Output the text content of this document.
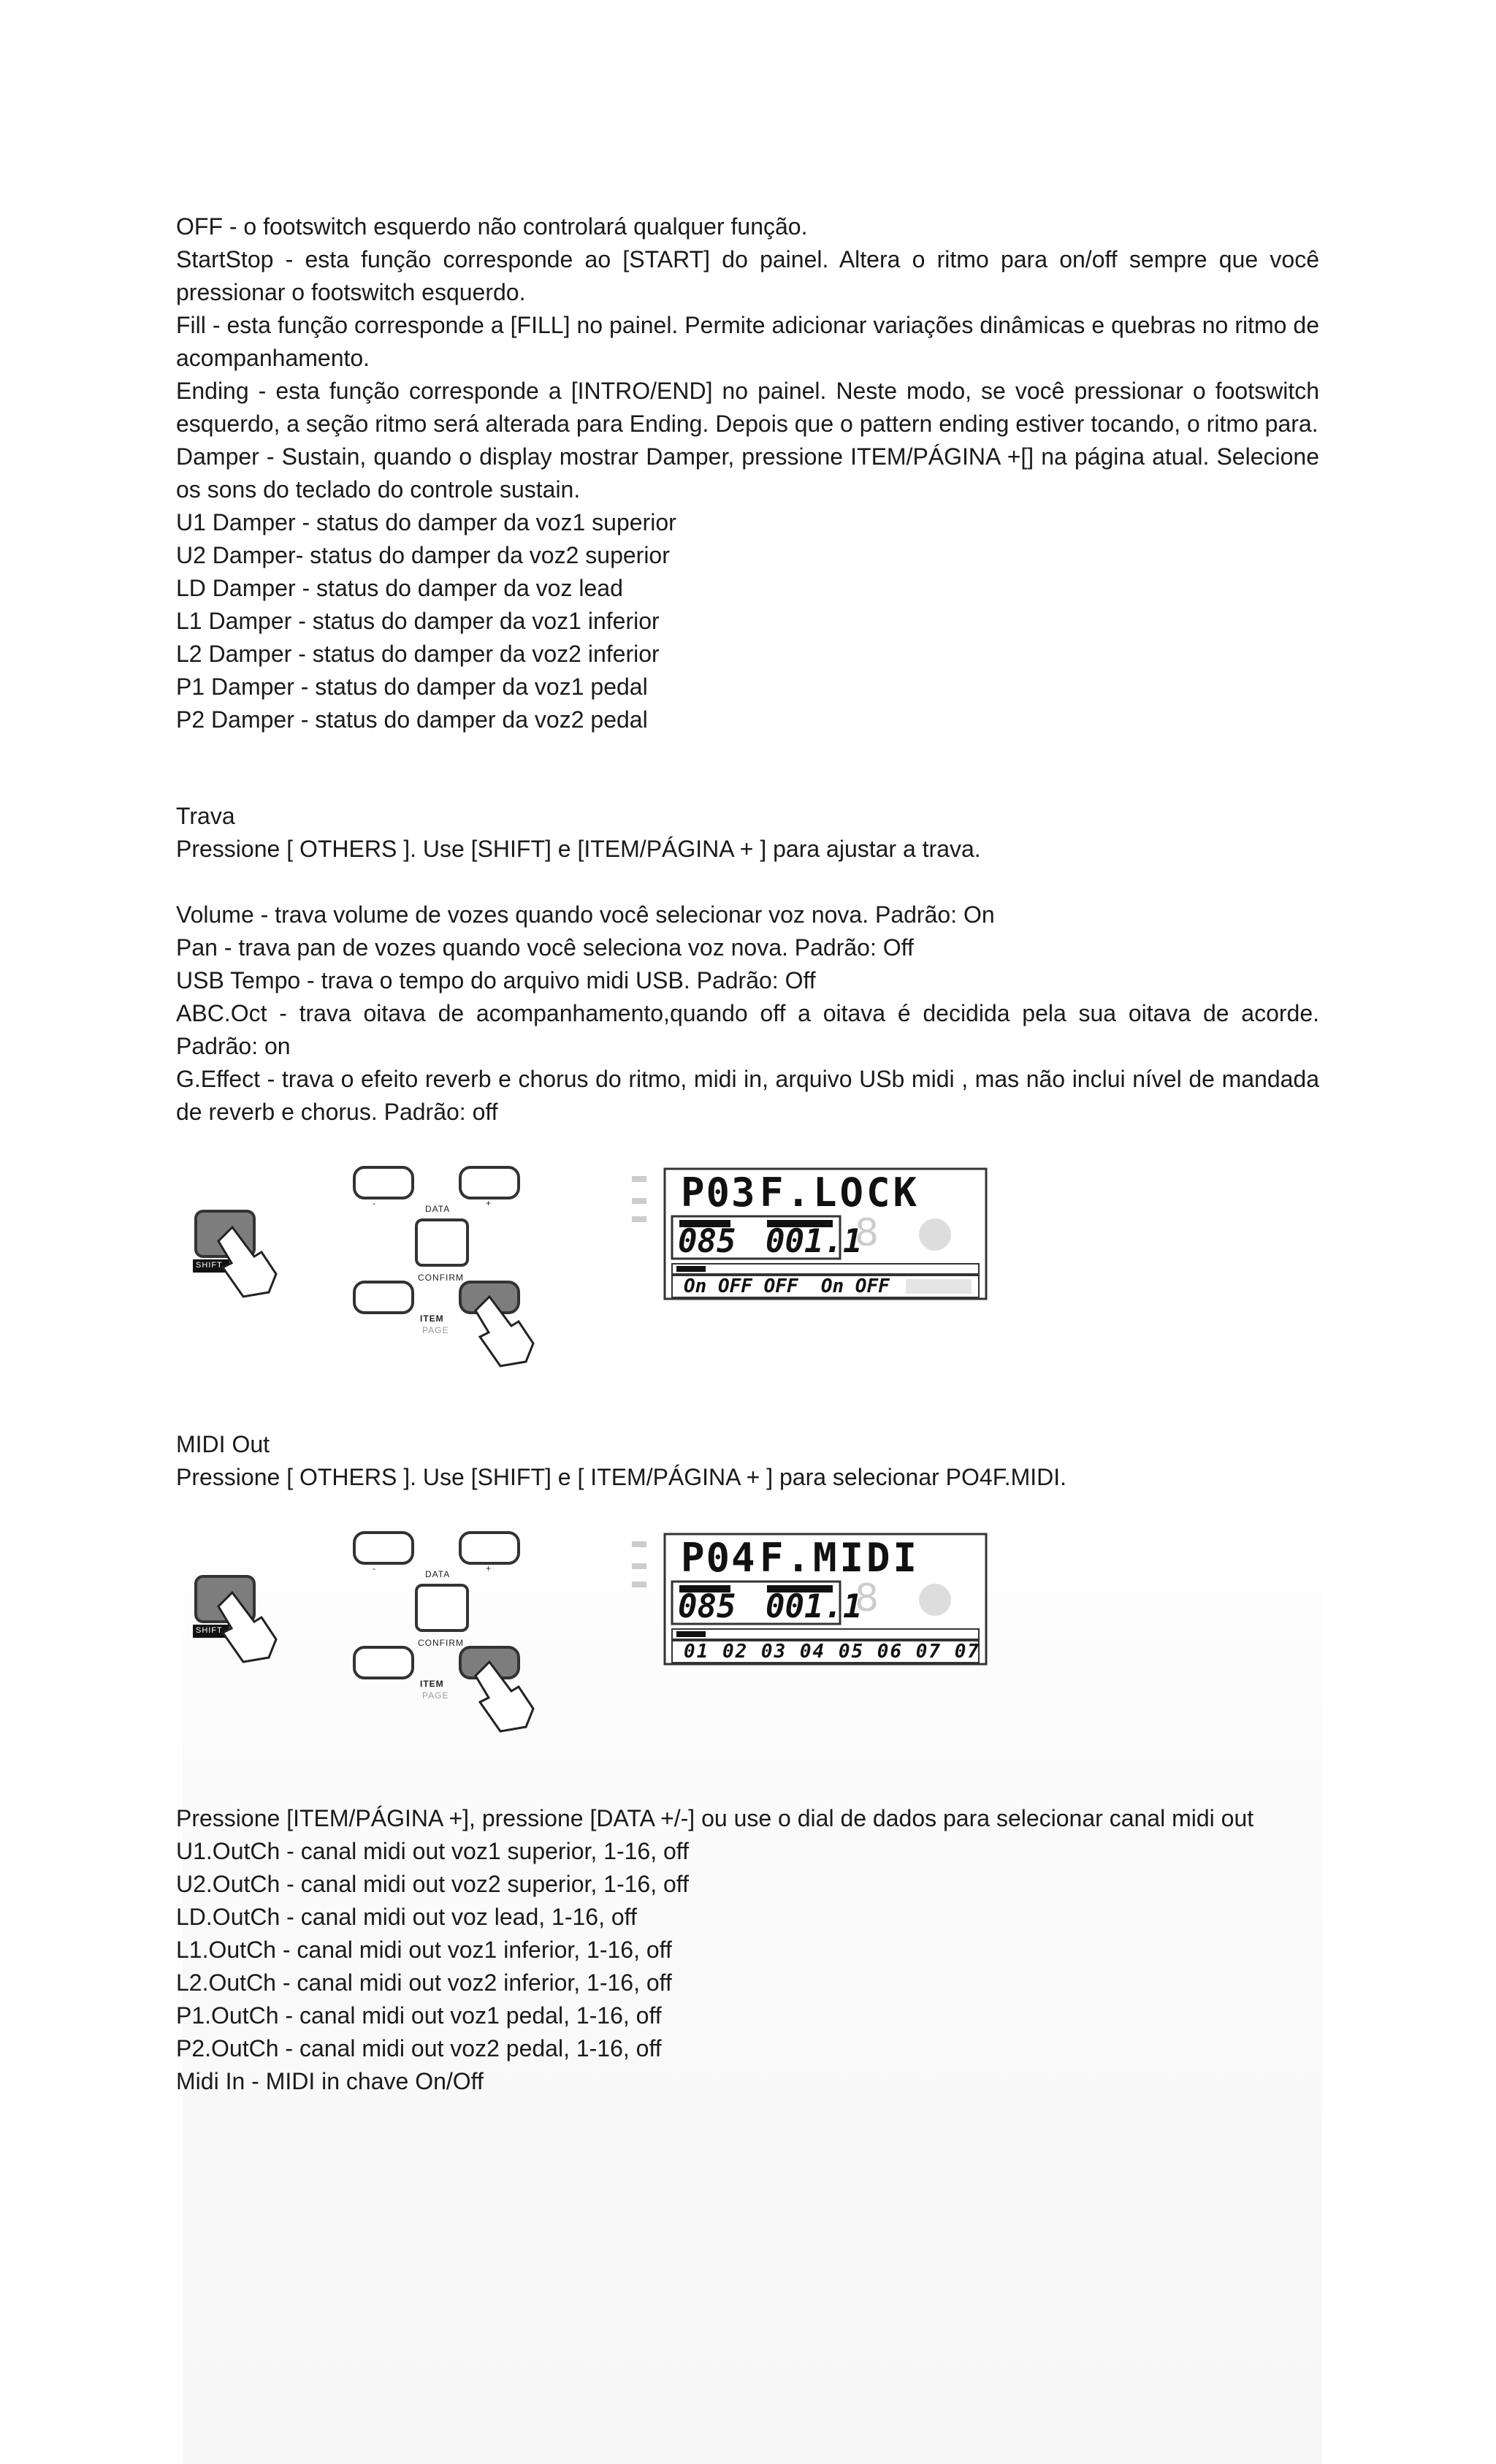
OFF - o footswitch esquerdo não controlará qualquer função.

StartStop - esta função corresponde ao [START] do painel. Altera o ritmo para on/off sempre que você pressionar o footswitch esquerdo.

Fill - esta função corresponde a [FILL] no painel. Permite adicionar variações dinâmicas e quebras no ritmo de acompanhamento.

Ending - esta função corresponde a [INTRO/END] no painel. Neste modo, se você pressionar o footswitch esquerdo, a seção ritmo será alterada para Ending. Depois que o pattern ending estiver tocando, o ritmo para.

Damper - Sustain, quando o display mostrar Damper, pressione ITEM/PÁGINA +[] na página atual. Selecione os sons do teclado do controle sustain.

U1 Damper - status do damper da voz1 superior

U2 Damper- status do damper da voz2 superior

LD Damper - status do damper da voz lead

L1 Damper - status do damper da voz1 inferior

L2 Damper - status do damper da voz2 inferior

P1 Damper - status do damper da voz1 pedal

P2 Damper - status do damper da voz2 pedal

Trava

Pressione [ OTHERS ]. Use [SHIFT] e [ITEM/PÁGINA + ] para ajustar a trava.

Volume - trava volume de vozes quando você selecionar voz nova. Padrão: On

Pan - trava pan de vozes quando você seleciona voz nova. Padrão: Off

USB Tempo - trava o tempo do arquivo midi USB. Padrão: Off

ABC.Oct - trava oitava de acompanhamento,quando off a oitava é decidida pela sua oitava de acorde. Padrão: on

G.Effect - trava o efeito reverb e chorus do ritmo, midi in, arquivo USb midi , mas não inclui nível de mandada de reverb e chorus. Padrão: off

8
DATA
CONFIRM
ITEM
PAGE
-	+
SHIFT
P03 F.LOCK
085 001.1
On OFF OFF  On OFF

MIDI Out

Pressione [ OTHERS ]. Use [SHIFT] e [ ITEM/PÁGINA + ] para selecionar PO4F.MIDI.

8
DATA
CONFIRM
ITEM
PAGE
-	+
SHIFT
P04 F.MIDI
085 001.1
01 02 03 04 05 06 07 07

Pressione [ITEM/PÁGINA +], pressione [DATA +/-] ou use o dial de dados para selecionar canal midi out

U1.OutCh - canal midi out voz1 superior, 1-16, off

U2.OutCh - canal midi out voz2 superior, 1-16, off

LD.OutCh - canal midi out voz lead, 1-16, off

L1.OutCh - canal midi out voz1 inferior, 1-16, off

L2.OutCh - canal midi out voz2 inferior, 1-16, off

P1.OutCh - canal midi out voz1 pedal, 1-16, off

P2.OutCh - canal midi out voz2 pedal, 1-16, off

Midi In - MIDI in chave On/Off
